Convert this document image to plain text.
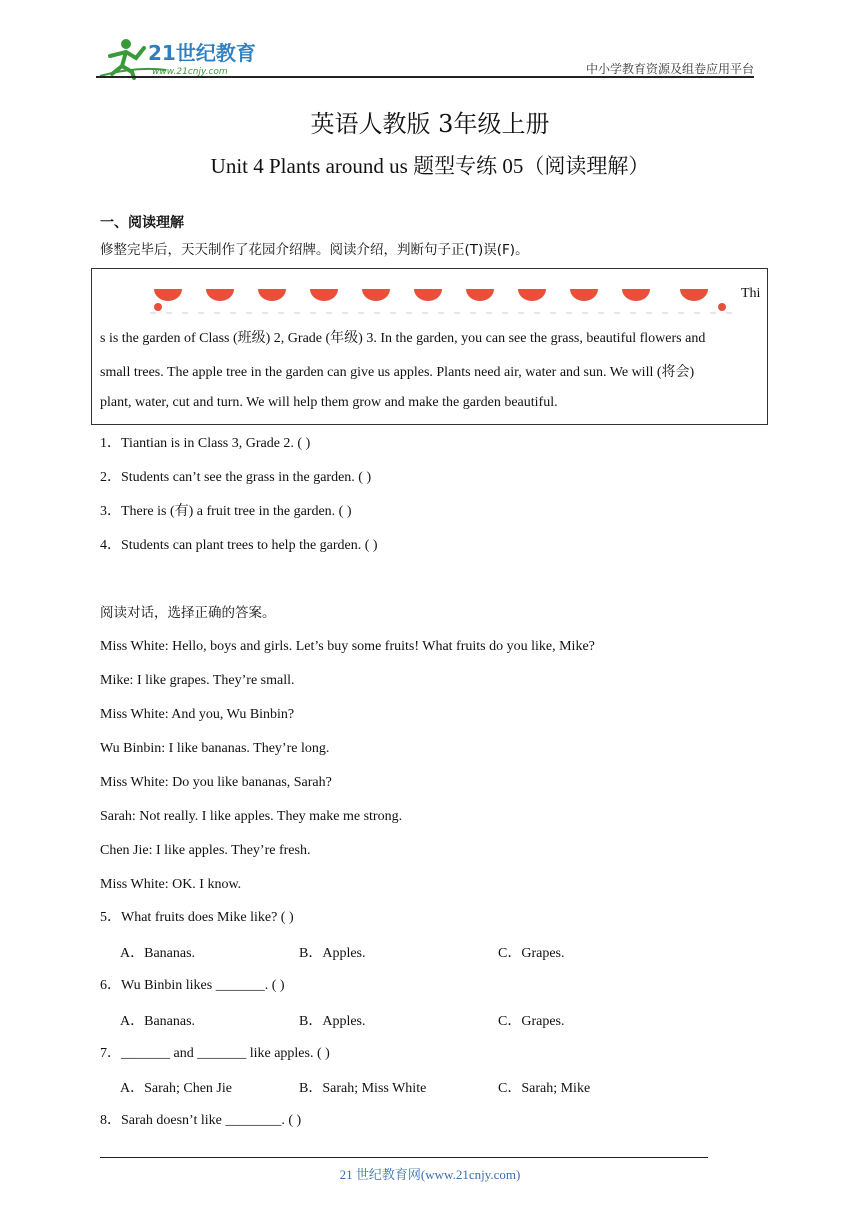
21世纪教育
www.21cnjy.com	中小学教育资源及组卷应用平台
英语人教版 3年级上册
Unit 4 Plants around us 题型专练 05（阅读理解）
一、阅读理解
修整完毕后，天天制作了花园介绍牌。阅读介绍，判断句子正(T)误(F)。
Thi
s is the garden of Class (班级) 2, Grade (年级) 3. In the garden, you can see the grass, beautiful flowers and
small trees. The apple tree in the garden can give us apples. Plants need air, water and sun. We will (将会)
plant, water, cut and turn. We will help them grow and make the garden beautiful.
1．Tiantian is in Class 3, Grade 2. ( )
2．Students can’t see the grass in the garden. ( )
3．There is (有) a fruit tree in the garden. ( )
4．Students can plant trees to help the garden. ( )
阅读对话，选择正确的答案。
Miss White: Hello, boys and girls. Let’s buy some fruits! What fruits do you like, Mike?
Mike: I like grapes. They’re small.
Miss White: And you, Wu Binbin?
Wu Binbin: I like bananas. They’re long.
Miss White: Do you like bananas, Sarah?
Sarah: Not really. I like apples. They make me strong.
Chen Jie: I like apples. They’re fresh.
Miss White: OK. I know.
5．What fruits does Mike like? ( )
A．Bananas.	B．Apples.	C．Grapes.
6．Wu Binbin likes _______. ( )
A．Bananas.	B．Apples.	C．Grapes.
7．_______ and _______ like apples. ( )
A．Sarah; Chen Jie	B．Sarah; Miss White	C．Sarah; Mike
8．Sarah doesn’t like ________. ( )
21 世纪教育网(www.21cnjy.com)
